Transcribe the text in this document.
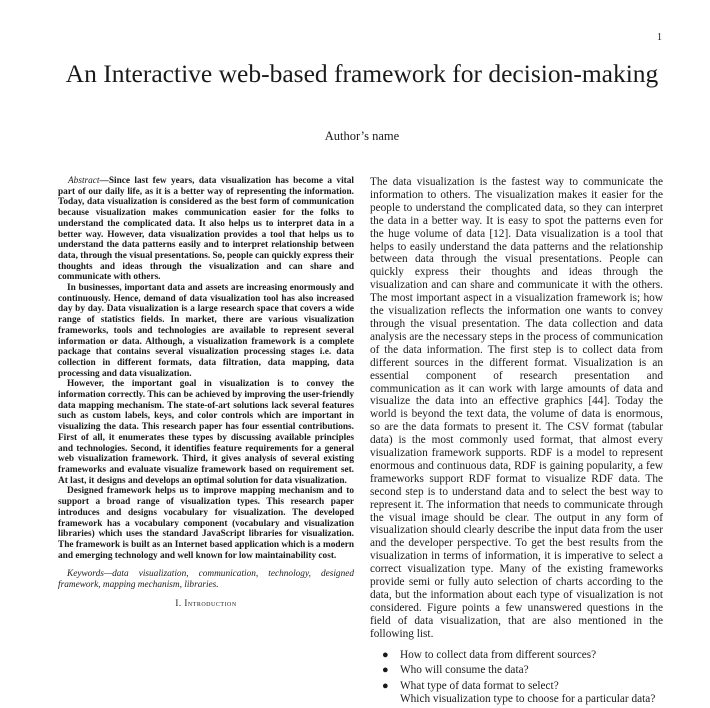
1
An Interactive web-based framework for decision-making
Author’s name

Abstract—Since last few years, data visualization has become a vital part of our daily life, as it is a better way of representing the information. Today, data visualization is considered as the best form of communication because visualization makes communication easier for the folks to understand the complicated data. It also helps us to interpret data in a better way. However, data visualization provides a tool that helps us to understand the data patterns easily and to interpret relationship between data, through the visual presentations. So, people can quickly express their thoughts and ideas through the visualization and can share and communicate with others.

In businesses, important data and assets are increasing enormously and continuously. Hence, demand of data visualization tool has also increased day by day. Data visualization is a large research space that covers a wide range of statistics fields. In market, there are various visualization frameworks, tools and technologies are available to represent several information or data. Although, a visualization framework is a complete package that contains several visualization processing stages i.e. data collection in different formats, data filtration, data mapping, data processing and data visualization.

However, the important goal in visualization is to convey the information correctly. This can be achieved by improving the user-friendly data mapping mechanism. The state-of-art solutions lack several features such as custom labels, keys, and color controls which are important in visualizing the data. This research paper has four essential contributions. First of all, it enumerates these types by discussing available principles and technologies. Second, it identifies feature requirements for a general web visualization framework. Third, it gives analysis of several existing frameworks and evaluate visualize framework based on requirement set. At last, it designs and develops an optimal solution for data visualization.

Designed framework helps us to improve mapping mechanism and to support a broad range of visualization types. This research paper introduces and designs vocabulary for visualization. The developed framework has a vocabulary component (vocabulary and visualization libraries) which uses the standard JavaScript libraries for visualization. The framework is built as an Internet based application which is a modern and emerging technology and well known for low maintainability cost.

Keywords—data visualization, communication, technology, designed framework, mapping mechanism, libraries.

I. Introduction

The data visualization is the fastest way to communicate the information to others. The visualization makes it easier for the people to understand the complicated data, so they can interpret the data in a better way. It is easy to spot the patterns even for the huge volume of data [12]. Data visualization is a tool that helps to easily understand the data patterns and the relationship between data through the visual presentations. People can quickly express their thoughts and ideas through the visualization and can share and communicate it with the others. The most important aspect in a visualization framework is; how the visualization reflects the information one wants to convey through the visual presentation. The data collection and data analysis are the necessary steps in the process of communication of the data information. The first step is to collect data from different sources in the different format. Visualization is an essential component of research presentation and communication as it can work with large amounts of data and visualize the data into an effective graphics [44]. Today the world is beyond the text data, the volume of data is enormous, so are the data formats to present it. The CSV format (tabular data) is the most commonly used format, that almost every visualization framework supports. RDF is a model to represent enormous and continuous data, RDF is gaining popularity, a few frameworks support RDF format to visualize RDF data. The second step is to understand data and to select the best way to represent it. The information that needs to communicate through the visual image should be clear. The output in any form of visualization should clearly describe the input data from the user and the developer perspective. To get the best results from the visualization in terms of information, it is imperative to select a correct visualization type. Many of the existing frameworks provide semi or fully auto selection of charts according to the data, but the information about each type of visualization is not considered. Figure points a few unanswered questions in the field of data visualization, that are also mentioned in the following list.

● How to collect data from different sources?
● Who will consume the data?
● What type of data format to select?
Which visualization type to choose for a particular data?
